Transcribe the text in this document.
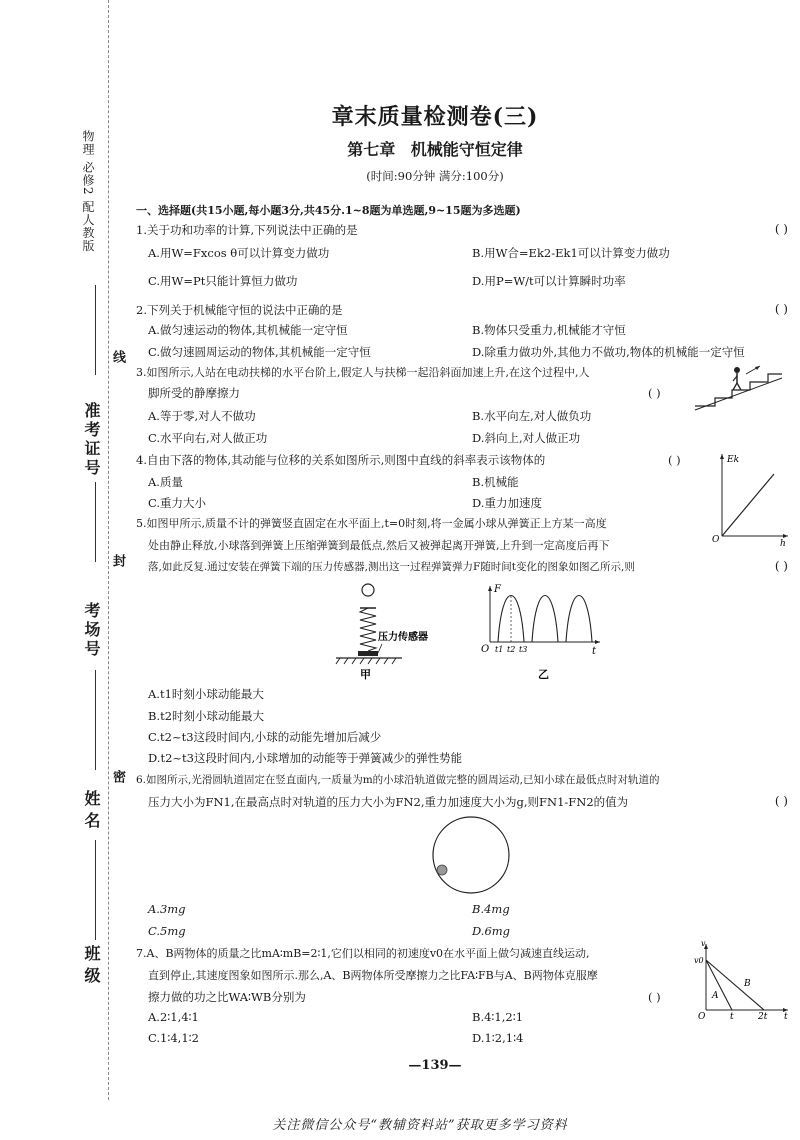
物理 必修2 配人教版
线
准考证号
封
考场号
密
姓名
班级
章末质量检测卷(三)
第七章 机械能守恒定律
(时间:90分钟 满分:100分)
一、选择题(共15小题,每小题3分,共45分.1~8题为单选题,9~15题为多选题)
1.关于功和功率的计算,下列说法中正确的是	( )
A.用W=Fxcos θ可以计算变力做功	B.用W合=Ek2-Ek1可以计算变力做功
C.用W=Pt只能计算恒力做功	D.用P=W/t可以计算瞬时功率
2.下列关于机械能守恒的说法中正确的是	( )
A.做匀速运动的物体,其机械能一定守恒	B.物体只受重力,机械能才守恒
C.做匀速圆周运动的物体,其机械能一定守恒	D.除重力做功外,其他力不做功,物体的机械能一定守恒
3.如图所示,人站在电动扶梯的水平台阶上,假定人与扶梯一起沿斜面加速上升,在这个过程中,人
脚所受的静摩擦力	( )
A.等于零,对人不做功	B.水平向左,对人做负功
C.水平向右,对人做正功	D.斜向上,对人做正功
4.自由下落的物体,其动能与位移的关系如图所示,则图中直线的斜率表示该物体的	( )
A.质量	B.机械能
C.重力大小	D.重力加速度
Ek
h
O
5.如图甲所示,质量不计的弹簧竖直固定在水平面上,t=0时刻,将一金属小球从弹簧正上方某一高度
处由静止释放,小球落到弹簧上压缩弹簧到最低点,然后又被弹起离开弹簧,上升到一定高度后再下
落,如此反复.通过安装在弹簧下端的压力传感器,测出这一过程弹簧弹力F随时间t变化的图象如图乙所示,则	( )
压力传感器
甲
F
t
O t1 t2 t3
乙
A.t1时刻小球动能最大
B.t2时刻小球动能最大
C.t2~t3这段时间内,小球的动能先增加后减少
D.t2~t3这段时间内,小球增加的动能等于弹簧减少的弹性势能
6.如图所示,光滑圆轨道固定在竖直面内,一质量为m的小球沿轨道做完整的圆周运动,已知小球在最低点时对轨道的
压力大小为FN1,在最高点时对轨道的压力大小为FN2,重力加速度大小为g,则FN1-FN2的值为	( )
A.3mg	B.4mg
C.5mg	D.6mg
7.A、B两物体的质量之比mA∶mB=2∶1,它们以相同的初速度v0在水平面上做匀减速直线运动,
直到停止,其速度图象如图所示.那么,A、B两物体所受摩擦力之比FA∶FB与A、B两物体克服摩
擦力做的功之比WA∶WB分别为	( )
A.2∶1,4∶1	B.4∶1,2∶1
C.1∶4,1∶2	D.1∶2,1∶4
v
v0
O	t	2t t
A
B
—139—
关注微信公众号“教辅资料站”获取更多学习资料
